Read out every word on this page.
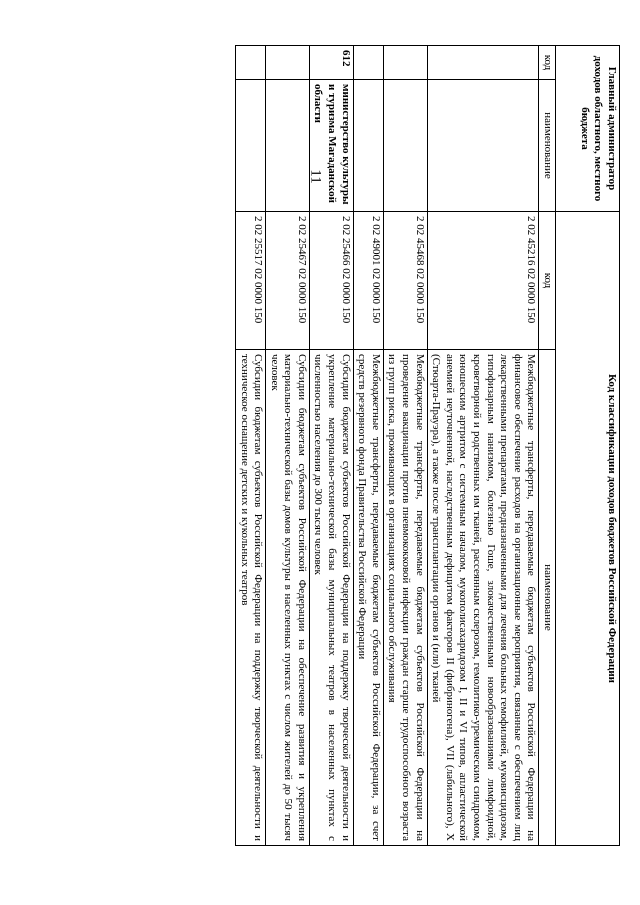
11	Главный администратор доходов областного, местного бюджета		Код классификации доходов бюджетов Российской Федерации	
код	наименование	код	наименование
		2 02 45216 02 0000 150	Межбюджетные трансферты, передаваемые бюджетам субъектов Российской Федерации на финансовое обеспечение расходов на организационные мероприятия, связанные с обеспечением лиц лекарственными препаратами, предназначенными для лечения больных гемофилией, муковисцидозом, гипофизарным нанизмом, болезнью Гоше, злокачественными новообразованиями лимфоидной, кроветворной и родственных им тканей, рассеянным склерозом, гемолитико-уремическим синдромом, юношеским артритом с системным началом, мукополисахаридозом I, II и VI типов, апластической анемией неуточненной, наследственным дефицитом факторов II (фибриногена), VII (лабильного), X (Стюарта-Прауэра), а также после трансплантации органов и (или) тканей
		2 02 45468 02 0000 150	Межбюджетные трансферты, передаваемые бюджетам субъектов Российской Федерации на проведение вакцинации против пневмококковой инфекции граждан старше трудоспособного возраста из групп риска, проживающих в организациях социального обслуживания
		2 02 49001 02 0000 150	Межбюджетные трансферты, передаваемые бюджетам субъектов Российской Федерации, за счет средств резервного фонда Правительства Российской Федерации
612	министерство культуры и туризма Магаданской области	2 02 25466 02 0000 150	Субсидии бюджетам субъектов Российской Федерации на поддержку творческой деятельности и укрепление материально-технической базы муниципальных театров в населенных пунктах с численностью населения до 300 тысяч человек
		2 02 25467 02 0000 150	Субсидии бюджетам субъектов Российской Федерации на обеспечение развития и укрепления материально-технической базы домов культуры в населенных пунктах с числом жителей до 50 тысяч человек
		2 02 25517 02 0000 150	Субсидии бюджетам субъектов Российской Федерации на поддержку творческой деятельности и техническое оснащение детских и кукольных театров
